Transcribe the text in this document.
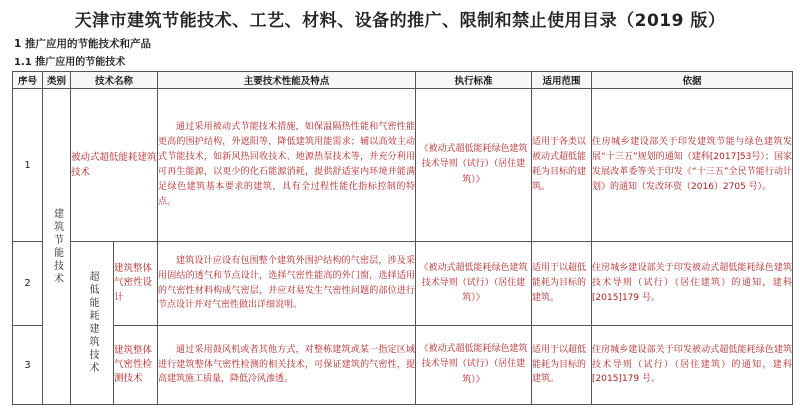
天津市建筑节能技术、工艺、材料、设备的推广、限制和禁止使用目录（2019 版）
1 推广应用的节能技术和产品
1.1 推广应用的节能技术
序号	类别	技术名称		主要技术性能及特点	执行标准	适用范围	依据
1	建筑节能技术	被动式超低能耗建筑技术		通过采用被动式节能技术措施，如保温隔热性能和气密性能更高的围护结构，外遮阳等，降低建筑用能需求；辅以高效主动式节能技术，如新风热回收技术、地源热泵技术等，并充分利用可再生能源，以更少的化石能源消耗，提供舒适室内环境并能满足绿色建筑基本要求的建筑，具有全过程性能化指标控制的特点。	《被动式超低能耗绿色建筑技术导则（试行）（居住建筑）》	适用于各类以被动式超低能耗为目标的建筑。	住房城乡建设部关于印发建筑节能与绿色建筑发展“十三五”规划的通知（建科[2017]53号）；国家发展改革委等关于印发《“十三五”全民节能行动计划》的通知（发改环资（2016）2705 号）。
2		超低能耗建筑技术	建筑整体气密性设计	建筑设计应设有包围整个建筑外围护结构的气密层，涉及采用固结的透气和节点设计，选择气密性能高的外门窗，选择适用的气密性材料构成气密层，并应对易发生气密性问题的部位进行节点设计并对气密性做出详细说明。	《被动式超低能耗绿色建筑技术导则（试行）（居住建筑）》	适用于以超低能耗为目标的建筑。	住房城乡建设部关于印发被动式超低能耗绿色建筑技术导则（试行）（居住建筑）的通知，建科[2015]179 号。
3			建筑整体气密性检测技术	通过采用鼓风机或者其他方式，对整栋建筑或某一指定区域进行建筑整体气密性检测的相关技术，可保证建筑的气密性，提高建筑施工质量，降低冷风渗透。	《被动式超低能耗绿色建筑技术导则（试行）（居住建筑）》	适用于以超低能耗为目标的建筑。	住房城乡建设部关于印发被动式超低能耗绿色建筑技术导则（试行）（居住建筑）的通知，建科[2015]179 号。
